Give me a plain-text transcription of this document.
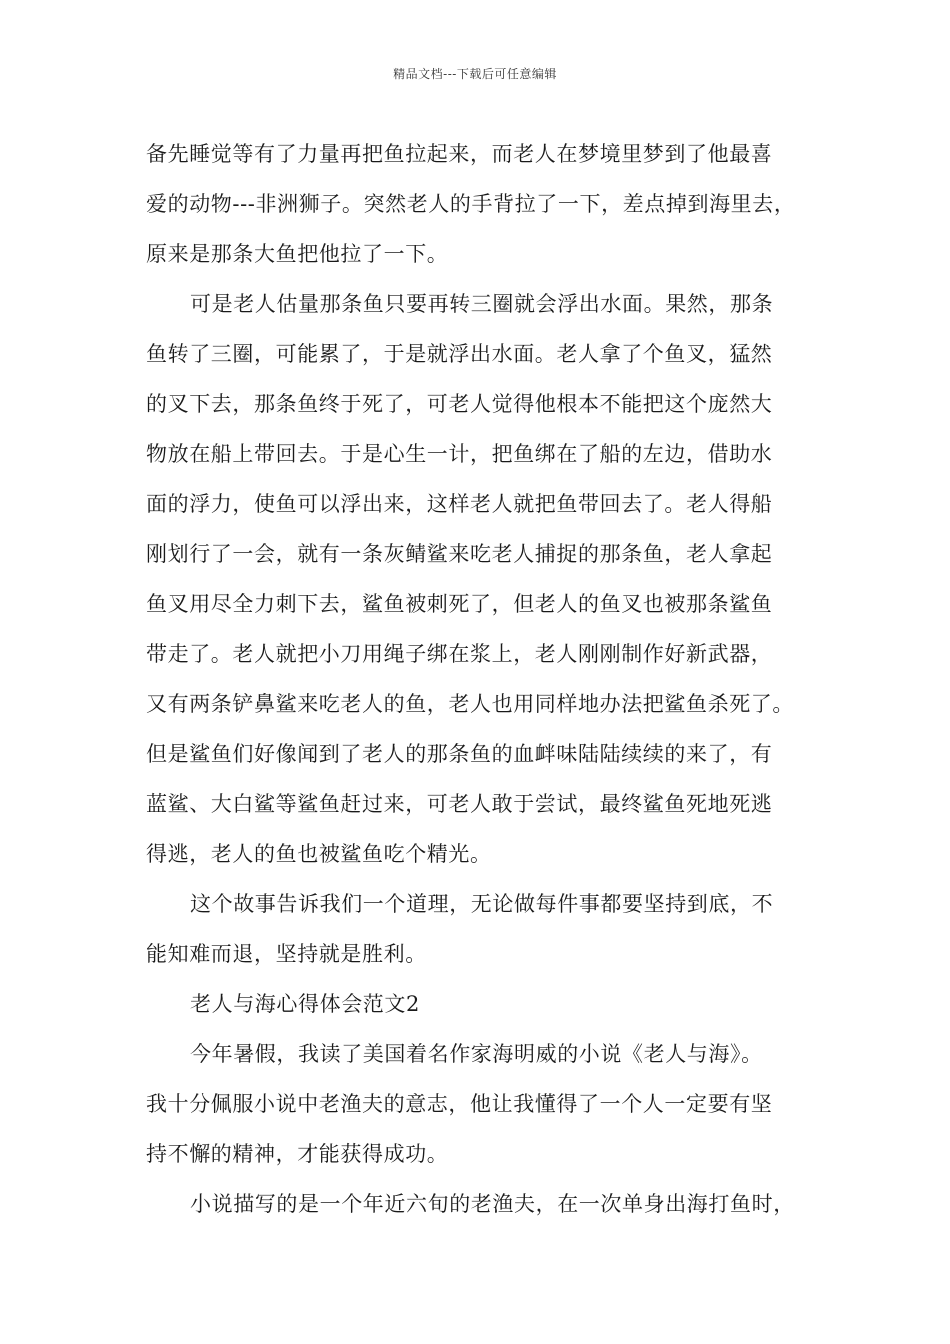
精品文档---下载后可任意编辑
备先睡觉等有了力量再把鱼拉起来，而老人在梦境里梦到了他最喜
爱的动物---非洲狮子。突然老人的手背拉了一下，差点掉到海里去，
原来是那条大鱼把他拉了一下。
可是老人估量那条鱼只要再转三圈就会浮出水面。果然，那条
鱼转了三圈，可能累了，于是就浮出水面。老人拿了个鱼叉，猛然
的叉下去，那条鱼终于死了，可老人觉得他根本不能把这个庞然大
物放在船上带回去。于是心生一计，把鱼绑在了船的左边，借助水
面的浮力，使鱼可以浮出来，这样老人就把鱼带回去了。老人得船
刚划行了一会，就有一条灰鲭鲨来吃老人捕捉的那条鱼，老人拿起
鱼叉用尽全力刺下去，鲨鱼被刺死了，但老人的鱼叉也被那条鲨鱼
带走了。老人就把小刀用绳子绑在浆上，老人刚刚制作好新武器，
又有两条铲鼻鲨来吃老人的鱼，老人也用同样地办法把鲨鱼杀死了。
但是鲨鱼们好像闻到了老人的那条鱼的血衅味陆陆续续的来了，有
蓝鲨、大白鲨等鲨鱼赶过来，可老人敢于尝试，最终鲨鱼死地死逃
得逃，老人的鱼也被鲨鱼吃个精光。
这个故事告诉我们一个道理，无论做每件事都要坚持到底，不
能知难而退，坚持就是胜利。
老人与海心得体会范文2
今年暑假，我读了美国着名作家海明威的小说《老人与海》。
我十分佩服小说中老渔夫的意志，他让我懂得了一个人一定要有坚
持不懈的精神，才能获得成功。
小说描写的是一个年近六旬的老渔夫，在一次单身出海打鱼时，
